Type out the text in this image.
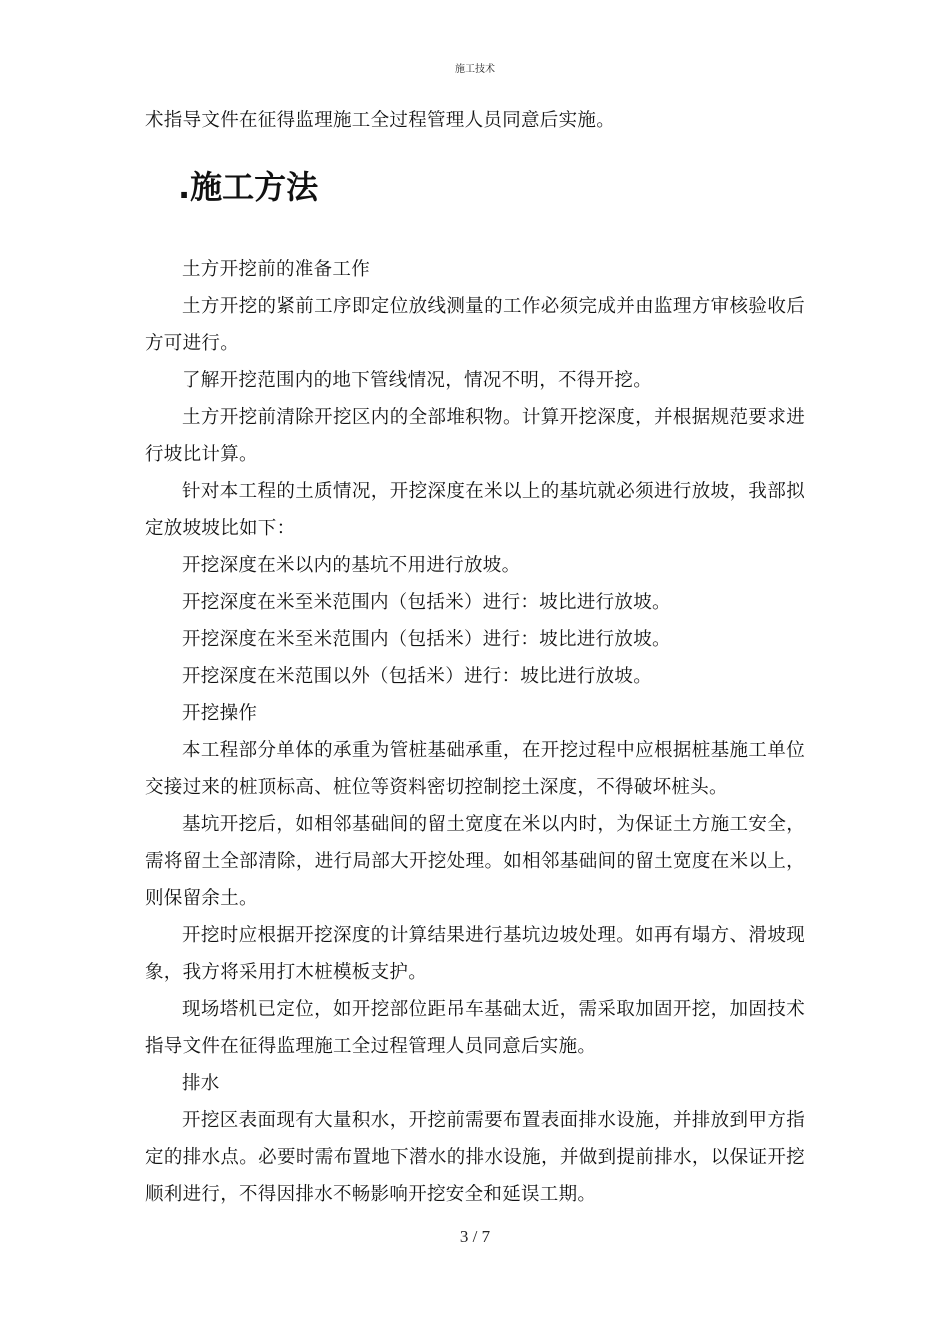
施工技术

术指导文件在征得监理施工全过程管理人员同意后实施。

.施工方法

土方开挖前的准备工作

土方开挖的紧前工序即定位放线测量的工作必须完成并由监理方审核验收后方可进行。

了解开挖范围内的地下管线情况，情况不明，不得开挖。

土方开挖前清除开挖区内的全部堆积物。计算开挖深度，并根据规范要求进行坡比计算。

针对本工程的土质情况，开挖深度在米以上的基坑就必须进行放坡，我部拟定放坡坡比如下：

开挖深度在米以内的基坑不用进行放坡。

开挖深度在米至米范围内（包括米）进行：坡比进行放坡。

开挖深度在米至米范围内（包括米）进行：坡比进行放坡。

开挖深度在米范围以外（包括米）进行：坡比进行放坡。

开挖操作

本工程部分单体的承重为管桩基础承重，在开挖过程中应根据桩基施工单位交接过来的桩顶标高、桩位等资料密切控制挖土深度，不得破坏桩头。

基坑开挖后，如相邻基础间的留土宽度在米以内时，为保证土方施工安全，需将留土全部清除，进行局部大开挖处理。如相邻基础间的留土宽度在米以上，则保留余土。

开挖时应根据开挖深度的计算结果进行基坑边坡处理。如再有塌方、滑坡现象，我方将采用打木桩模板支护。

现场塔机已定位，如开挖部位距吊车基础太近，需采取加固开挖，加固技术指导文件在征得监理施工全过程管理人员同意后实施。

排水

开挖区表面现有大量积水，开挖前需要布置表面排水设施，并排放到甲方指定的排水点。必要时需布置地下潜水的排水设施，并做到提前排水，以保证开挖顺利进行，不得因排水不畅影响开挖安全和延误工期。

3 / 7
